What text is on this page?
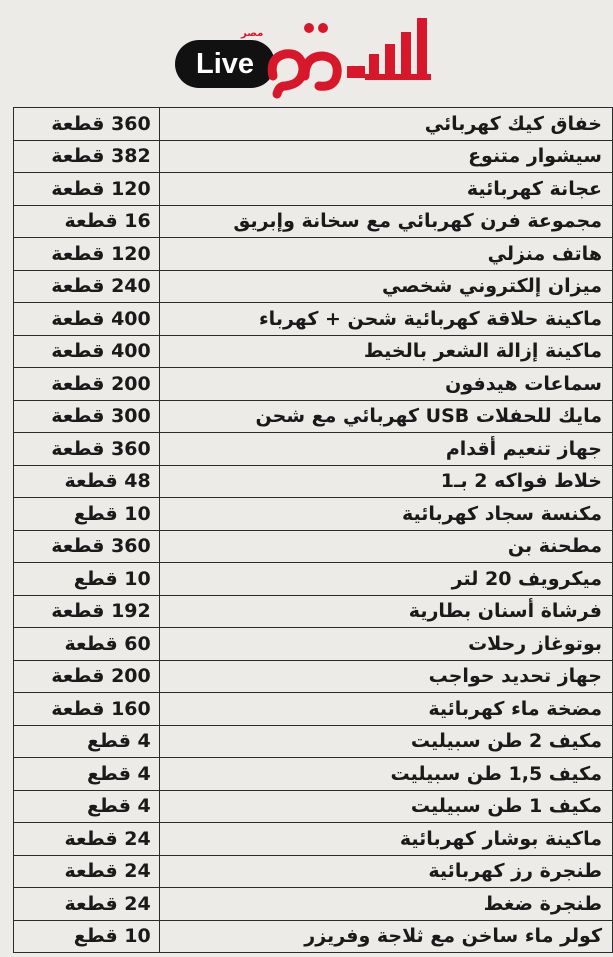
مصر
Live
خفاق كيك كهربائي	360 قطعة
سيشوار متنوع	382 قطعة
عجانة كهربائية	120 قطعة
مجموعة فرن كهربائي مع سخانة وإبريق	16 قطعة
هاتف منزلي	120 قطعة
ميزان إلكتروني شخصي	240 قطعة
ماكينة حلاقة كهربائية شحن + كهرباء	400 قطعة
ماكينة إزالة الشعر بالخيط	400 قطعة
سماعات هيدفون	200 قطعة
مايك للحفلات USB كهربائي مع شحن	300 قطعة
جهاز تنعيم أقدام	360 قطعة
خلاط فواكه 2 بـ1	48 قطعة
مكنسة سجاد كهربائية	10 قطع
مطحنة بن	360 قطعة
ميكرويف 20 لتر	10 قطع
فرشاة أسنان بطارية	192 قطعة
بوتوغاز رحلات	60 قطعة
جهاز تحديد حواجب	200 قطعة
مضخة ماء كهربائية	160 قطعة
مكيف 2 طن سبيليت	4 قطع
مكيف 1,5 طن سبيليت	4 قطع
مكيف 1 طن سبيليت	4 قطع
ماكينة بوشار كهربائية	24 قطعة
طنجرة رز كهربائية	24 قطعة
طنجرة ضغط	24 قطعة
كولر ماء ساخن مع ثلاجة وفريزر	10 قطع
